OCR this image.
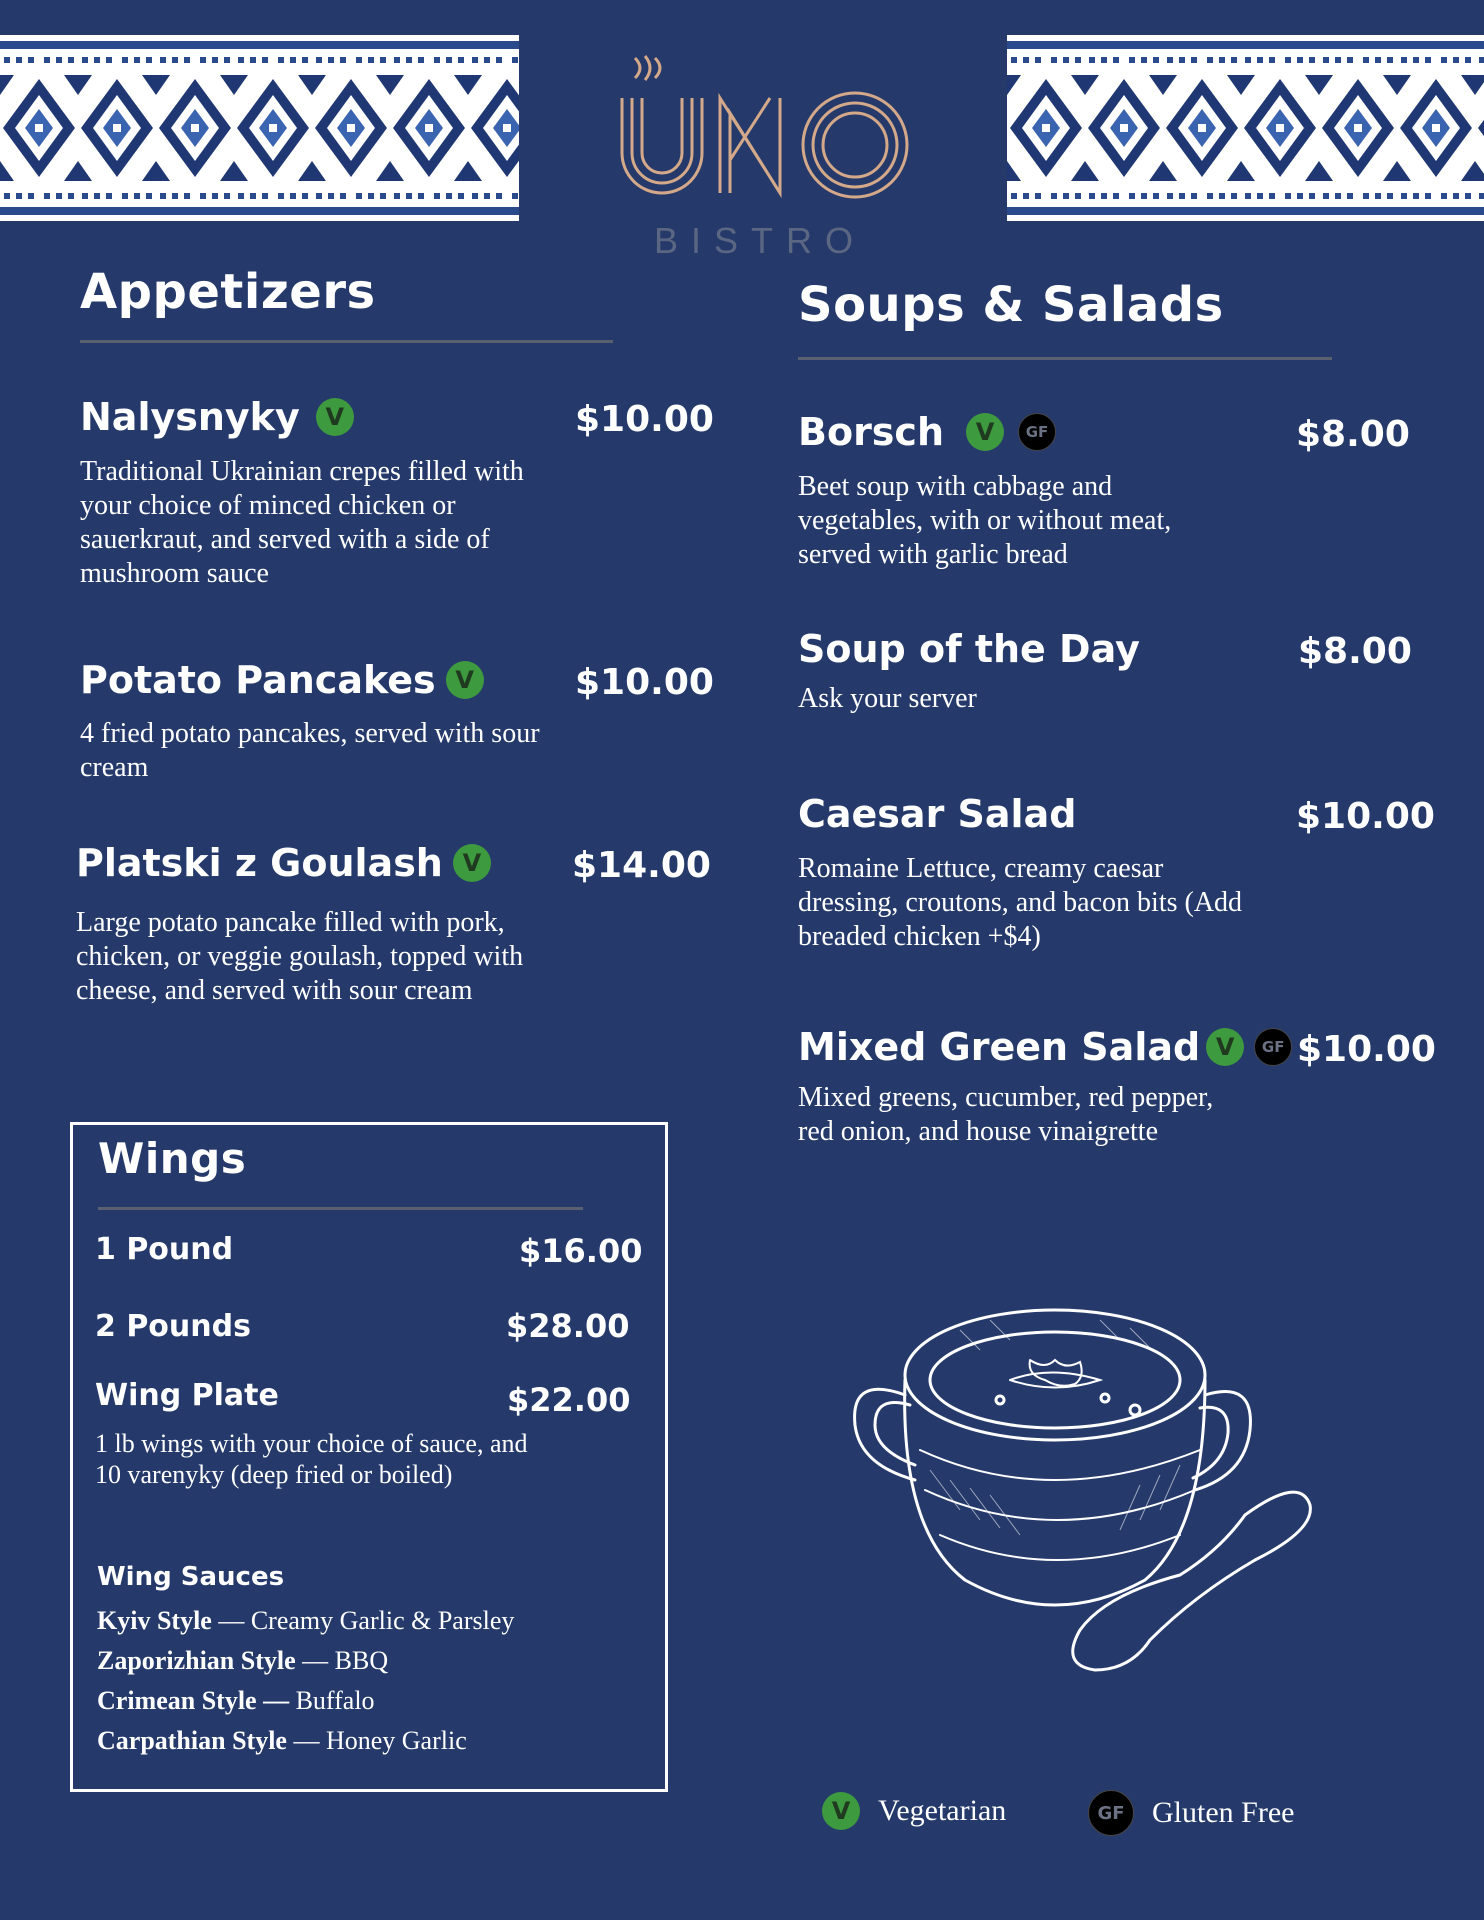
BISTRO
Appetizers
Nalysnyky	V	$10.00
Traditional Ukrainian crepes filled with your choice of minced chicken or sauerkraut, and served with a side of mushroom sauce
Potato Pancakes V	$10.00
4 fried potato pancakes, served with sour cream
Platski z Goulash V	$14.00
Large potato pancake filled with pork, chicken, or veggie goulash, topped with cheese, and served with sour cream
Wings
1 Pound	$16.00
2 Pounds	$28.00
Wing Plate	$22.00
1 lb wings with your choice of sauce, and 10 varenyky (deep fried or boiled)
Wing Sauces
Kyiv Style — Creamy Garlic & Parsley
Zaporizhian Style — BBQ
Crimean Style — Buffalo
Carpathian Style — Honey Garlic
Soups & Salads
Borsch	V	GF	$8.00
Beet soup with cabbage and vegetables, with or without meat, served with garlic bread
Soup of the Day	$8.00
Ask your server
Caesar Salad	$10.00
Romaine Lettuce, creamy caesar dressing, croutons, and bacon bits (Add breaded chicken +$4)
Mixed Green Salad V	GF $10.00
Mixed greens, cucumber, red pepper, red onion, and house vinaigrette
V Vegetarian	GF Gluten Free
